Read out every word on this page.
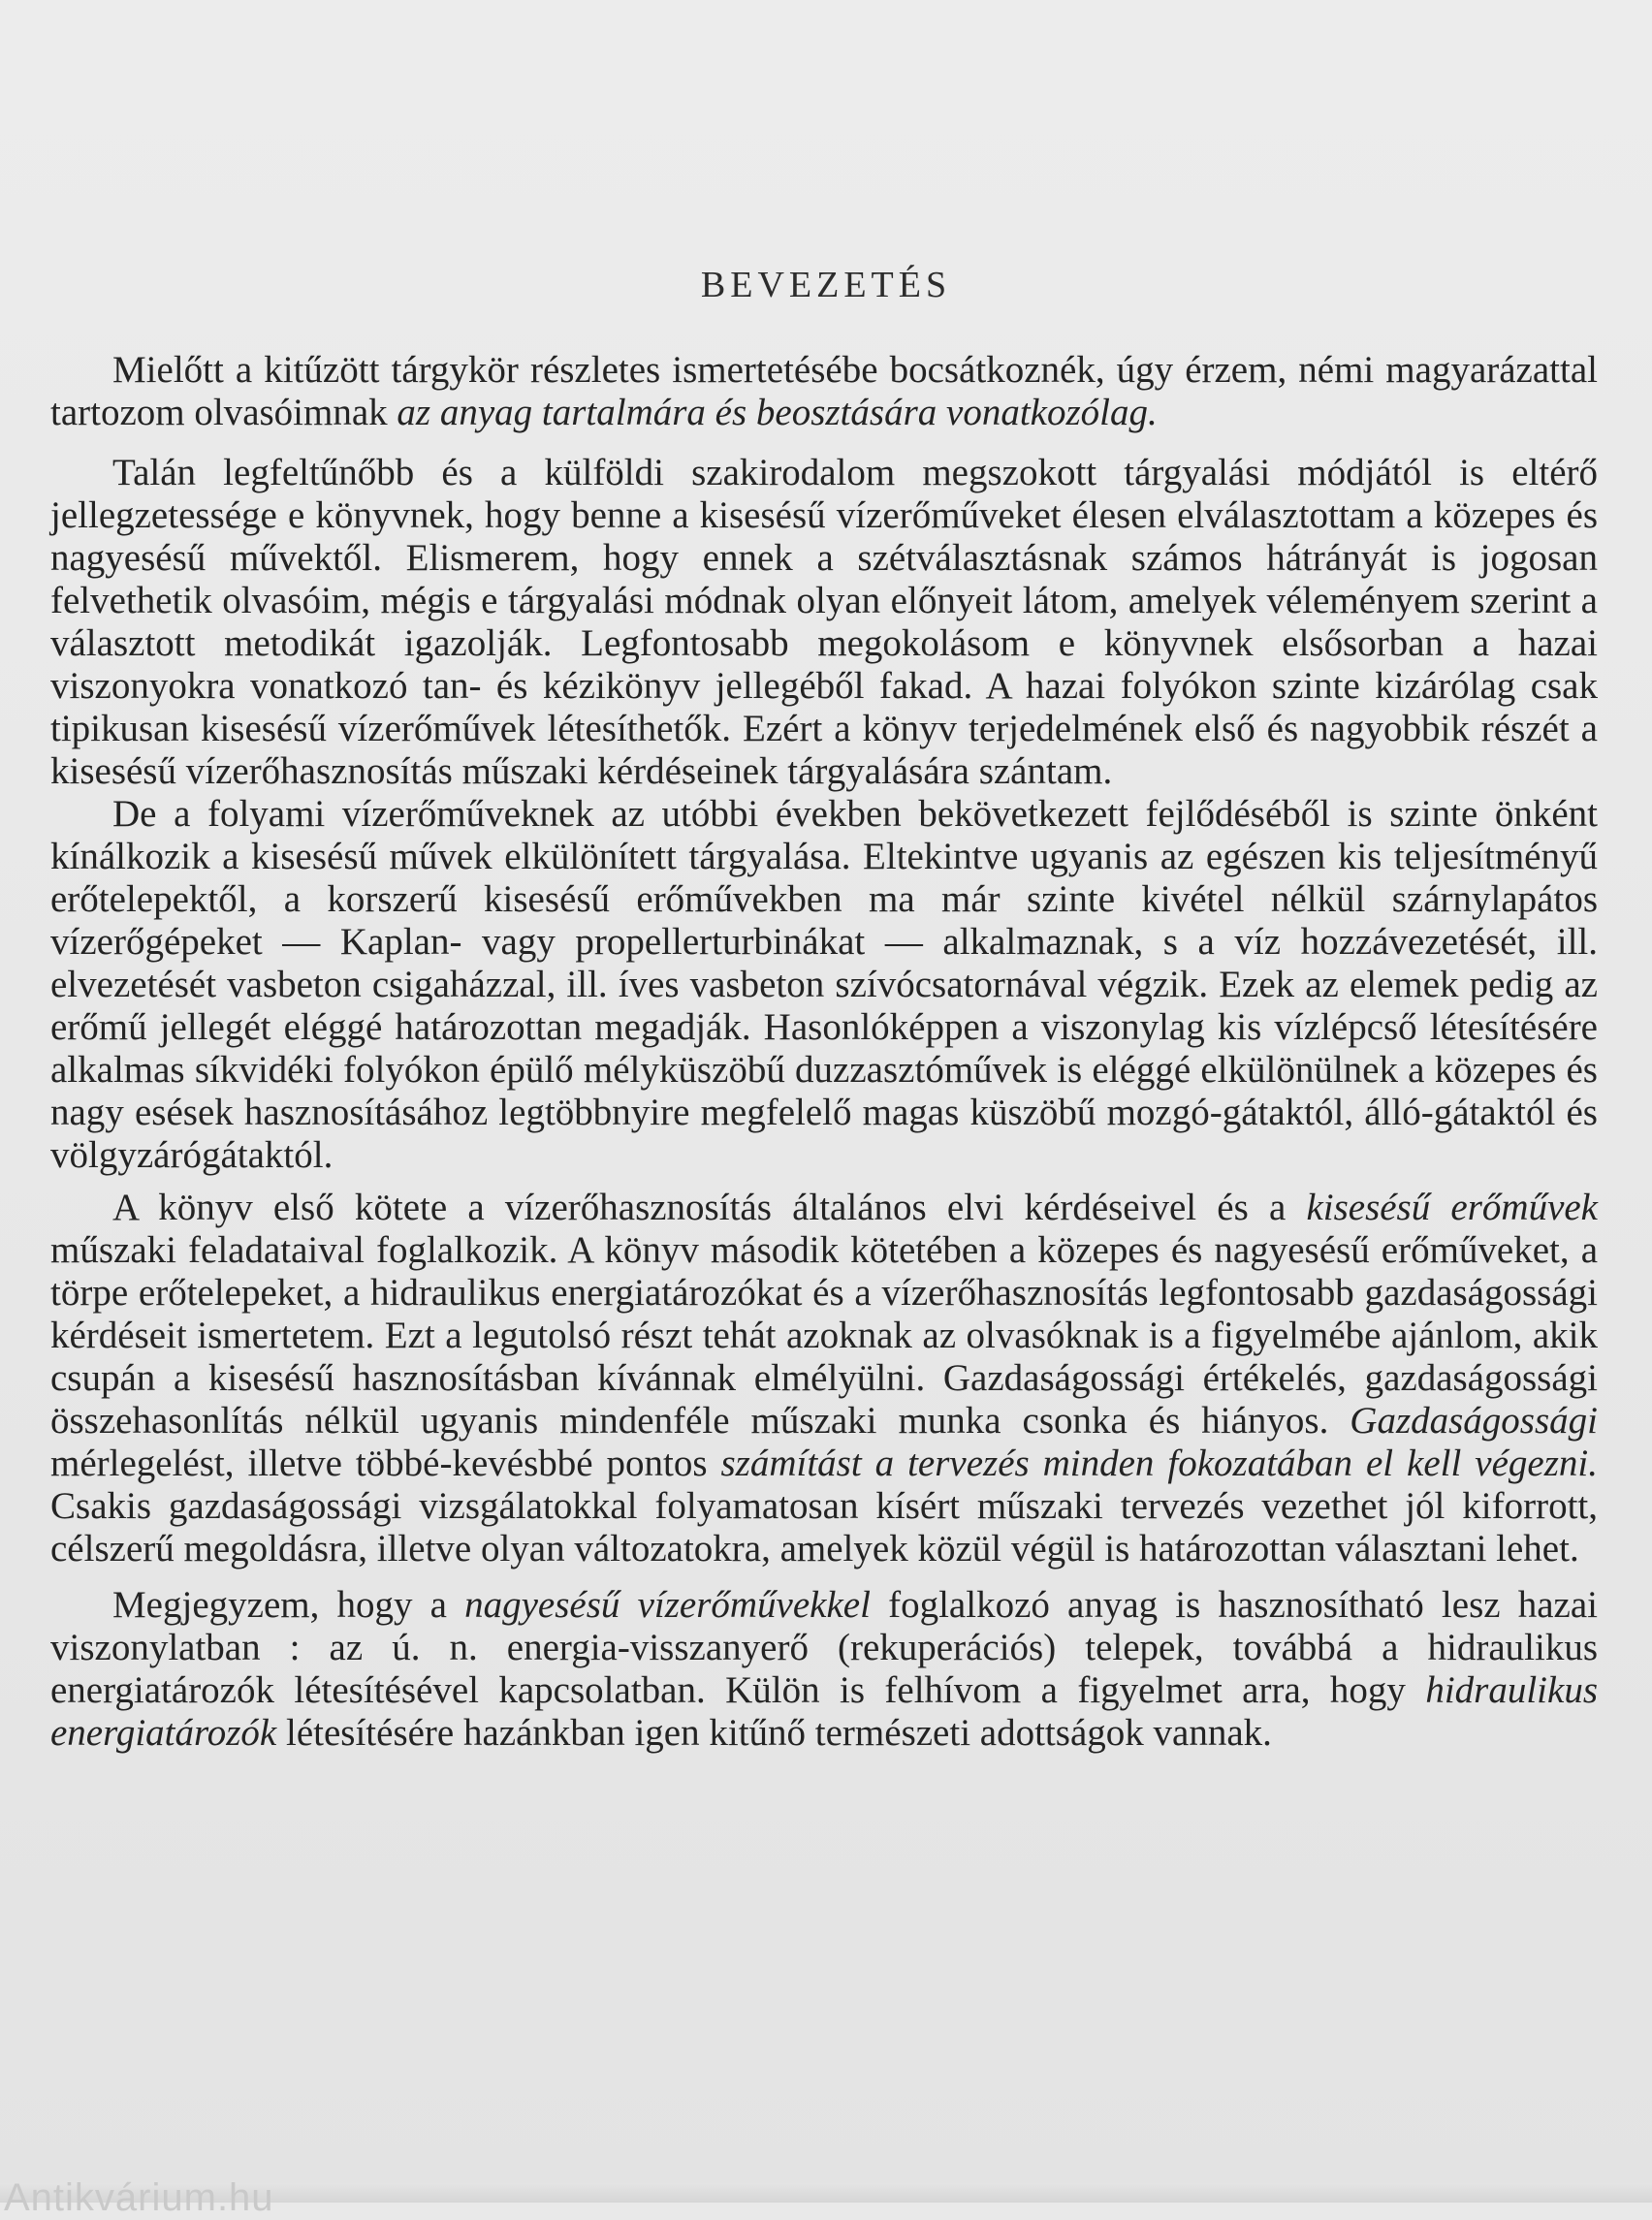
BEVEZETÉS

Mielőtt a kitűzött tárgykör részletes ismertetésébe bocsátkoznék, úgy érzem, némi magyarázattal tartozom olvasóimnak az anyag tartalmára és beosztására vonatkozólag.

Talán legfeltűnőbb és a külföldi szakirodalom megszokott tárgyalási módjától is eltérő jellegzetessége e könyvnek, hogy benne a kisesésű vízerőműveket élesen elválasztottam a közepes és nagyesésű művektől. Elismerem, hogy ennek a szétválasztásnak számos hátrányát is jogosan felvethetik olvasóim, mégis e tárgyalási módnak olyan előnyeit látom, amelyek véleményem szerint a választott metodikát igazolják. Legfontosabb megokolásom e könyvnek elsősorban a hazai viszonyokra vonatkozó tan- és kézikönyv jellegéből fakad. A hazai folyókon szinte kizárólag csak tipikusan kisesésű vízerőművek létesíthetők. Ezért a könyv terjedelmének első és nagyobbik részét a kisesésű vízerőhasznosítás műszaki kérdéseinek tárgyalására szántam.

De a folyami vízerőműveknek az utóbbi években bekövetkezett fejlődéséből is szinte önként kínálkozik a kisesésű művek elkülönített tárgyalása. Eltekintve ugyanis az egészen kis teljesítményű erőtelepektől, a korszerű kisesésű erőművekben ma már szinte kivétel nélkül szárnylapátos vízerőgépeket — Kaplan- vagy propellerturbinákat — alkalmaznak, s a víz hozzávezetését, ill. elvezetését vasbeton csigaházzal, ill. íves vasbeton szívócsatornával végzik. Ezek az elemek pedig az erőmű jellegét eléggé határozottan megadják. Hasonlóképpen a viszonylag kis vízlépcső létesítésére alkalmas síkvidéki folyókon épülő mélyküszöbű duzzasztóművek is eléggé elkülönülnek a közepes és nagy esések hasznosításához legtöbbnyire megfelelő magas küszöbű mozgó-gátaktól, álló-gátaktól és völgyzárógátaktól.

A könyv első kötete a vízerőhasznosítás általános elvi kérdéseivel és a kisesésű erőművek műszaki feladataival foglalkozik. A könyv második kötetében a közepes és nagyesésű erőműveket, a törpe erőtelepeket, a hidraulikus energiatározókat és a vízerőhasznosítás legfontosabb gazdaságossági kérdéseit ismertetem. Ezt a legutolsó részt tehát azoknak az olvasóknak is a figyelmébe ajánlom, akik csupán a kisesésű hasznosításban kívánnak elmélyülni. Gazdaságossági értékelés, gazdaságossági összehasonlítás nélkül ugyanis mindenféle műszaki munka csonka és hiányos. Gazdaságossági mérlegelést, illetve többé-kevésbbé pontos számítást a tervezés minden fokozatában el kell végezni. Csakis gazdaságossági vizsgálatokkal folyamatosan kísért műszaki tervezés vezethet jól kiforrott, célszerű megoldásra, illetve olyan változatokra, amelyek közül végül is határozottan választani lehet.

Megjegyzem, hogy a nagyesésű vízerőművekkel foglalkozó anyag is hasznosítható lesz hazai viszonylatban : az ú. n. energia-visszanyerő (rekuperációs) telepek, továbbá a hidraulikus energiatározók létesítésével kapcsolatban. Külön is felhívom a figyelmet arra, hogy hidraulikus energiatározók létesítésére hazánkban igen kitűnő természeti adottságok vannak.

Antikvárium.hu
